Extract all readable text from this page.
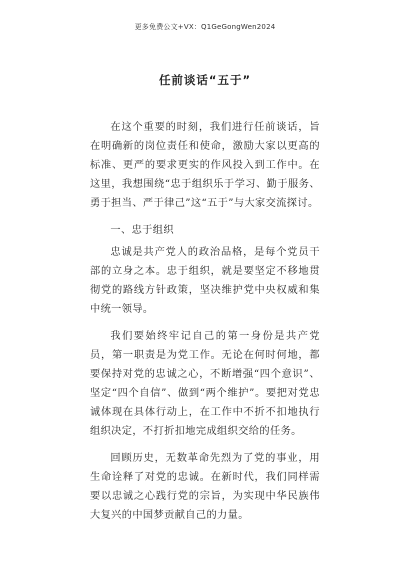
更多免费公文+VX：Q1GeGongWen2024
任前谈话“五于”

在这个重要的时刻，我们进行任前谈话，旨在明确新的岗位责任和使命，激励大家以更高的标准、更严的要求更实的作风投入到工作中。在这里，我想围绕“忠于组织乐于学习、勤于服务、勇于担当、严于律己”这“五于”与大家交流探讨。

一、忠于组织

忠诚是共产党人的政治品格，是每个党员干部的立身之本。忠于组织，就是要坚定不移地贯彻党的路线方针政策，坚决维护党中央权威和集中统一领导。

我们要始终牢记自己的第一身份是共产党员，第一职责是为党工作。无论在何时何地，都要保持对党的忠诚之心，不断增强“四个意识”、坚定“四个自信”、做到“两个维护”。要把对党忠诚体现在具体行动上，在工作中不折不扣地执行组织决定，不打折扣地完成组织交给的任务。

回顾历史，无数革命先烈为了党的事业，用生命诠释了对党的忠诚。在新时代，我们同样需要以忠诚之心践行党的宗旨，为实现中华民族伟大复兴的中国梦贡献自己的力量。
